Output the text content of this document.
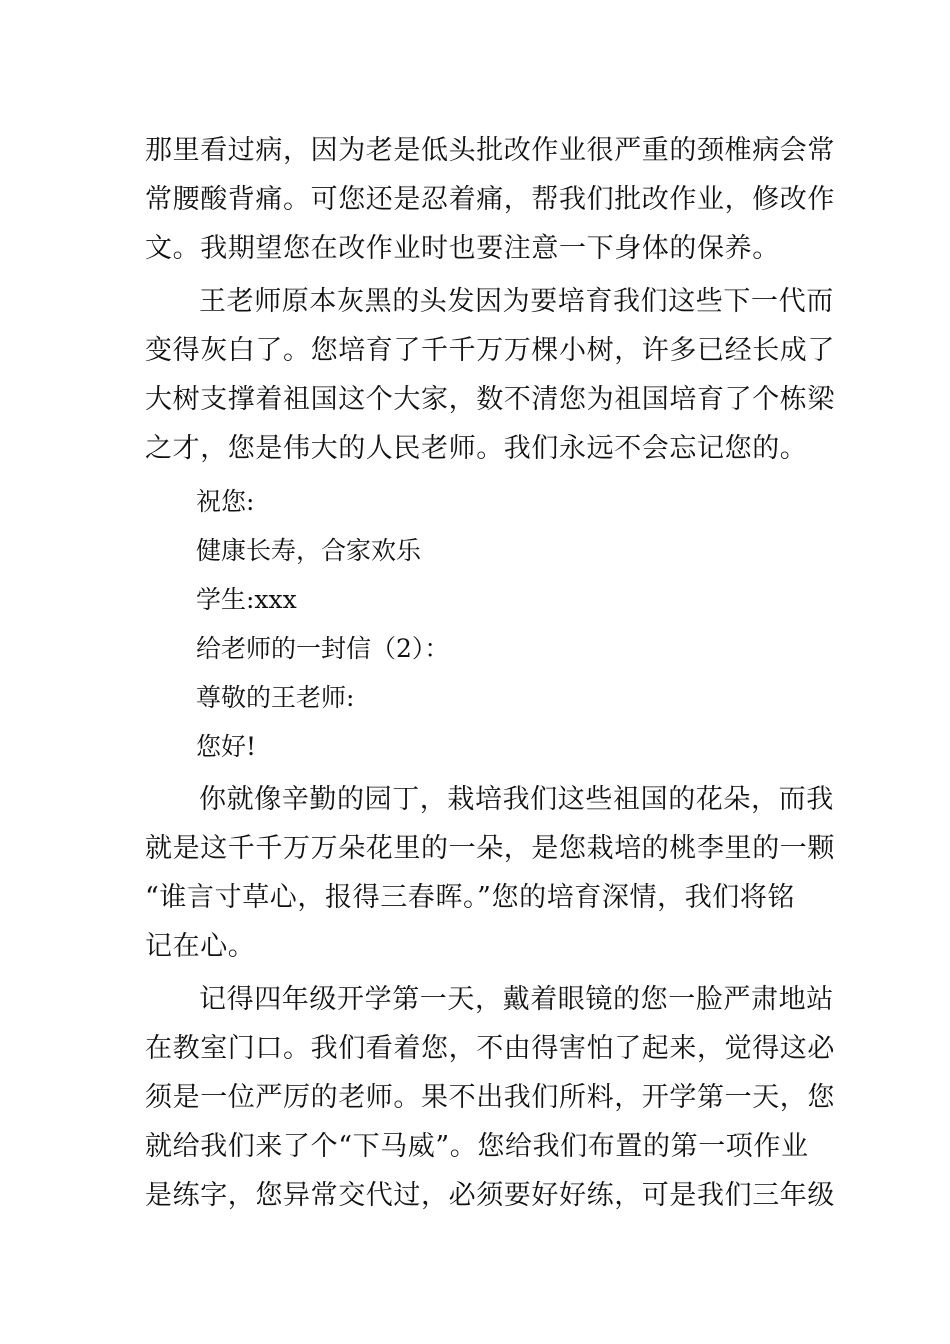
那里看过病，因为老是低头批改作业很严重的颈椎病会常
常腰酸背痛。可您还是忍着痛，帮我们批改作业，修改作
文。我期望您在改作业时也要注意一下身体的保养。
王老师原本灰黑的头发因为要培育我们这些下一代而
变得灰白了。您培育了千千万万棵小树，许多已经长成了
大树支撑着祖国这个大家，数不清您为祖国培育了个栋梁
之才，您是伟大的人民老师。我们永远不会忘记您的。
祝您:
健康长寿，合家欢乐
学生:xxx
给老师的一封信（2）：
尊敬的王老师:
您好!
你就像辛勤的园丁，栽培我们这些祖国的花朵，而我
就是这千千万万朵花里的一朵，是您栽培的桃李里的一颗
“谁言寸草心，报得三春晖。”您的培育深情，我们将铭
记在心。
记得四年级开学第一天，戴着眼镜的您一脸严肃地站
在教室门口。我们看着您，不由得害怕了起来，觉得这必
须是一位严厉的老师。果不出我们所料，开学第一天，您
就给我们来了个“下马威”。您给我们布置的第一项作业
是练字，您异常交代过，必须要好好练，可是我们三年级
